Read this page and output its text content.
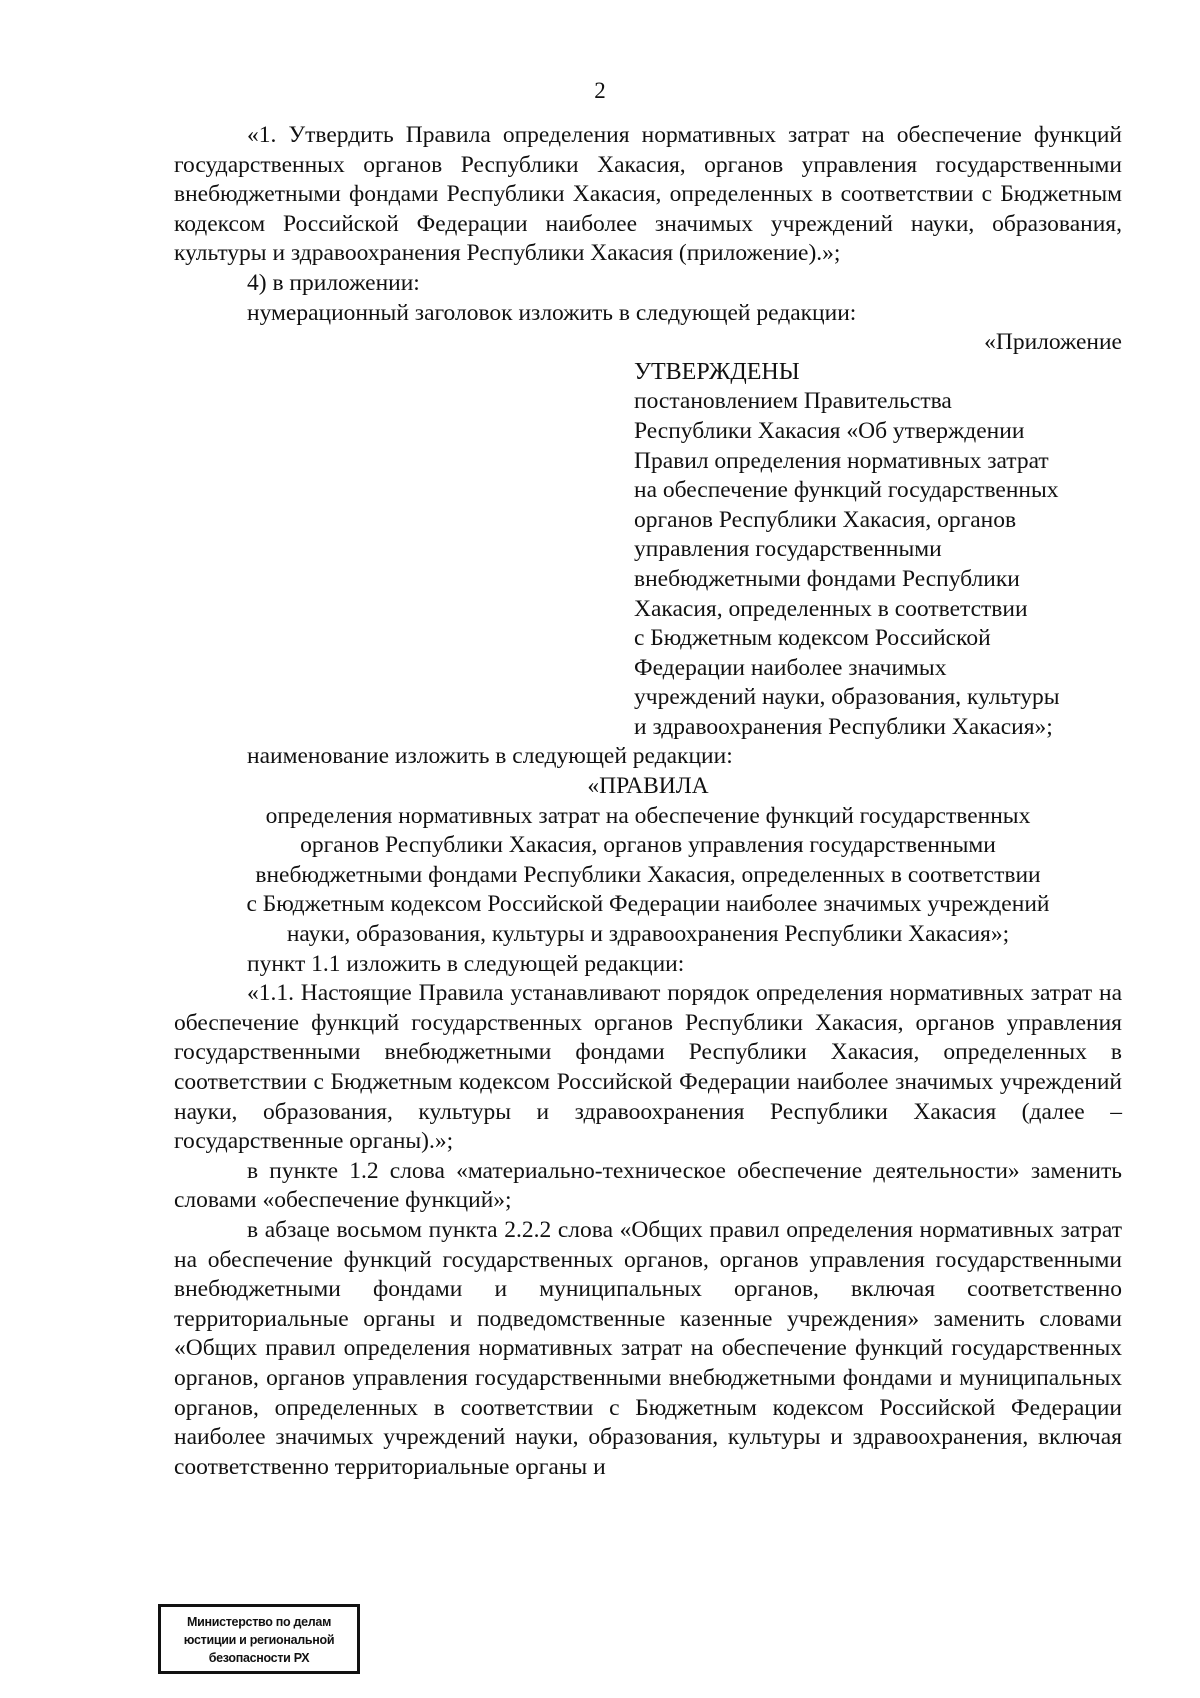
2

«1. Утвердить Правила определения нормативных затрат на обеспечение функций государственных органов Республики Хакасия, органов управления государственными внебюджетными фондами Республики Хакасия, определенных в соответствии с Бюджетным кодексом Российской Федерации наиболее значимых учреждений науки, образования, культуры и здравоохранения Республики Хакасия (приложение).»;

4) в приложении:

нумерационный заголовок изложить в следующей редакции:

«Приложение

УТВЕРЖДЕНЫ

постановлением Правительства

Республики Хакасия «Об утверждении

Правил определения нормативных затрат

на обеспечение функций государственных

органов Республики Хакасия, органов

управления государственными

внебюджетными фондами Республики

Хакасия, определенных в соответствии

с Бюджетным кодексом Российской

Федерации наиболее значимых

учреждений науки, образования, культуры

и здравоохранения Республики Хакасия»;

наименование изложить в следующей редакции:

«ПРАВИЛА

определения нормативных затрат на обеспечение функций государственных

органов Республики Хакасия, органов управления государственными

внебюджетными фондами Республики Хакасия, определенных в соответствии

с Бюджетным кодексом Российской Федерации наиболее значимых учреждений

науки, образования, культуры и здравоохранения Республики Хакасия»;

пункт 1.1 изложить в следующей редакции:

«1.1. Настоящие Правила устанавливают порядок определения нормативных затрат на обеспечение функций государственных органов Республики Хакасия, органов управления государственными внебюджетными фондами Республики Хакасия, определенных в соответствии с Бюджетным кодексом Российской Федерации наиболее значимых учреждений науки, образования, культуры и здравоохранения Республики Хакасия (далее – государственные органы).»;

в пункте 1.2 слова «материально-техническое обеспечение деятельности» заменить словами «обеспечение функций»;

в абзаце восьмом пункта 2.2.2 слова «Общих правил определения нормативных затрат на обеспечение функций государственных органов, органов управления государственными внебюджетными фондами и муниципальных органов, включая соответственно территориальные органы и подведомственные казенные учреждения» заменить словами «Общих правил определения нормативных затрат на обеспечение функций государственных органов, органов управления государственными внебюджетными фондами и муниципальных органов, определенных в соответствии с Бюджетным кодексом Российской Федерации наиболее значимых учреждений науки, образования, культуры и здравоохранения, включая соответственно территориальные органы и

Министерство по делам
юстиции и региональной
безопасности РХ
